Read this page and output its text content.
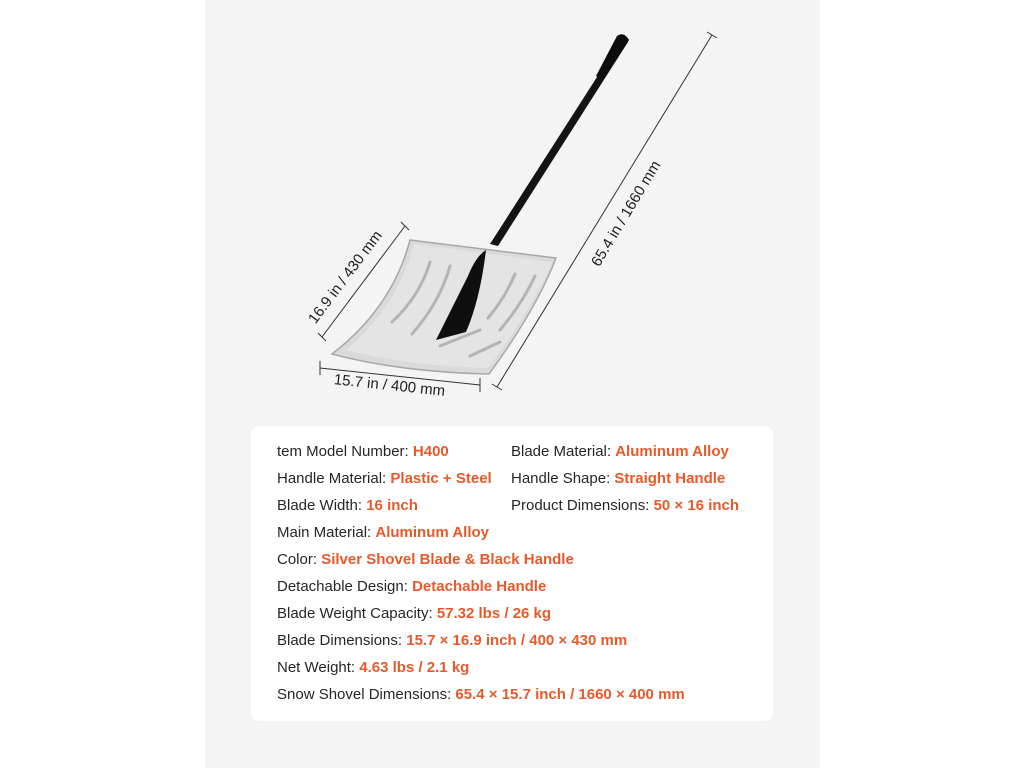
16.9 in / 430 mm
15.7 in / 400 mm
65.4 in / 1660 mm
tem Model Number: H400	Blade Material: Aluminum Alloy
Handle Material: Plastic + Steel Handle Shape: Straight Handle
Blade Width: 16 inch	Product Dimensions: 50 × 16 inch
Main Material: Aluminum Alloy
Color: Silver Shovel Blade & Black Handle
Detachable Design: Detachable Handle
Blade Weight Capacity: 57.32 lbs / 26 kg
Blade Dimensions: 15.7 × 16.9 inch / 400 × 430 mm
Net Weight: 4.63 lbs / 2.1 kg
Snow Shovel Dimensions: 65.4 × 15.7 inch / 1660 × 400 mm
